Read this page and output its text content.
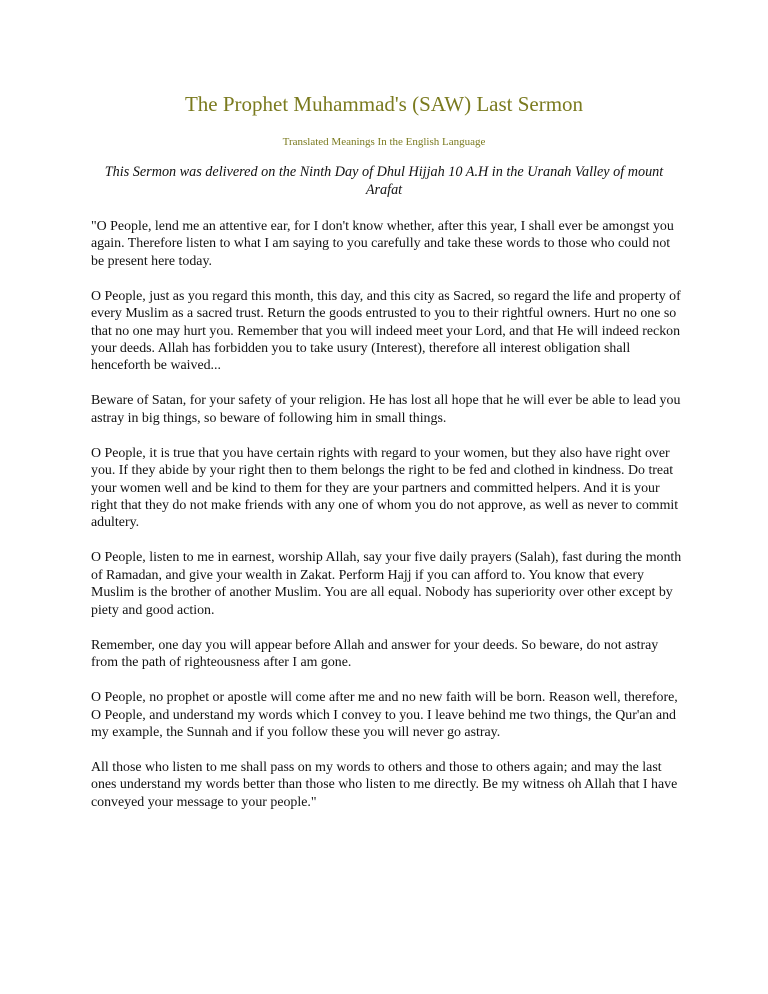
The Prophet Muhammad's (SAW) Last Sermon
Translated Meanings In the English Language

This Sermon was delivered on the Ninth Day of Dhul Hijjah 10 A.H in the Uranah Valley of mount Arafat

"O People, lend me an attentive ear, for I don't know whether, after this year, I shall ever be amongst you again. Therefore listen to what I am saying to you carefully and take these words to those who could not be present here today.

O People, just as you regard this month, this day, and this city as Sacred, so regard the life and property of every Muslim as a sacred trust. Return the goods entrusted to you to their rightful owners. Hurt no one so that no one may hurt you. Remember that you will indeed meet your Lord, and that He will indeed reckon your deeds. Allah has forbidden you to take usury (Interest), therefore all interest obligation shall henceforth be waived...

Beware of Satan, for your safety of your religion. He has lost all hope that he will ever be able to lead you astray in big things, so beware of following him in small things.

O People, it is true that you have certain rights with regard to your women, but they also have right over you. If they abide by your right then to them belongs the right to be fed and clothed in kindness. Do treat your women well and be kind to them for they are your partners and committed helpers. And it is your right that they do not make friends with any one of whom you do not approve, as well as never to commit adultery.

O People, listen to me in earnest, worship Allah, say your five daily prayers (Salah), fast during the month of Ramadan, and give your wealth in Zakat. Perform Hajj if you can afford to. You know that every Muslim is the brother of another Muslim. You are all equal. Nobody has superiority over other except by piety and good action.

Remember, one day you will appear before Allah and answer for your deeds. So beware, do not astray from the path of righteousness after I am gone.

O People, no prophet or apostle will come after me and no new faith will be born. Reason well, therefore, O People, and understand my words which I convey to you. I leave behind me two things, the Qur'an and my example, the Sunnah and if you follow these you will never go astray.

All those who listen to me shall pass on my words to others and those to others again; and may the last ones understand my words better than those who listen to me directly. Be my witness oh Allah that I have conveyed your message to your people."
